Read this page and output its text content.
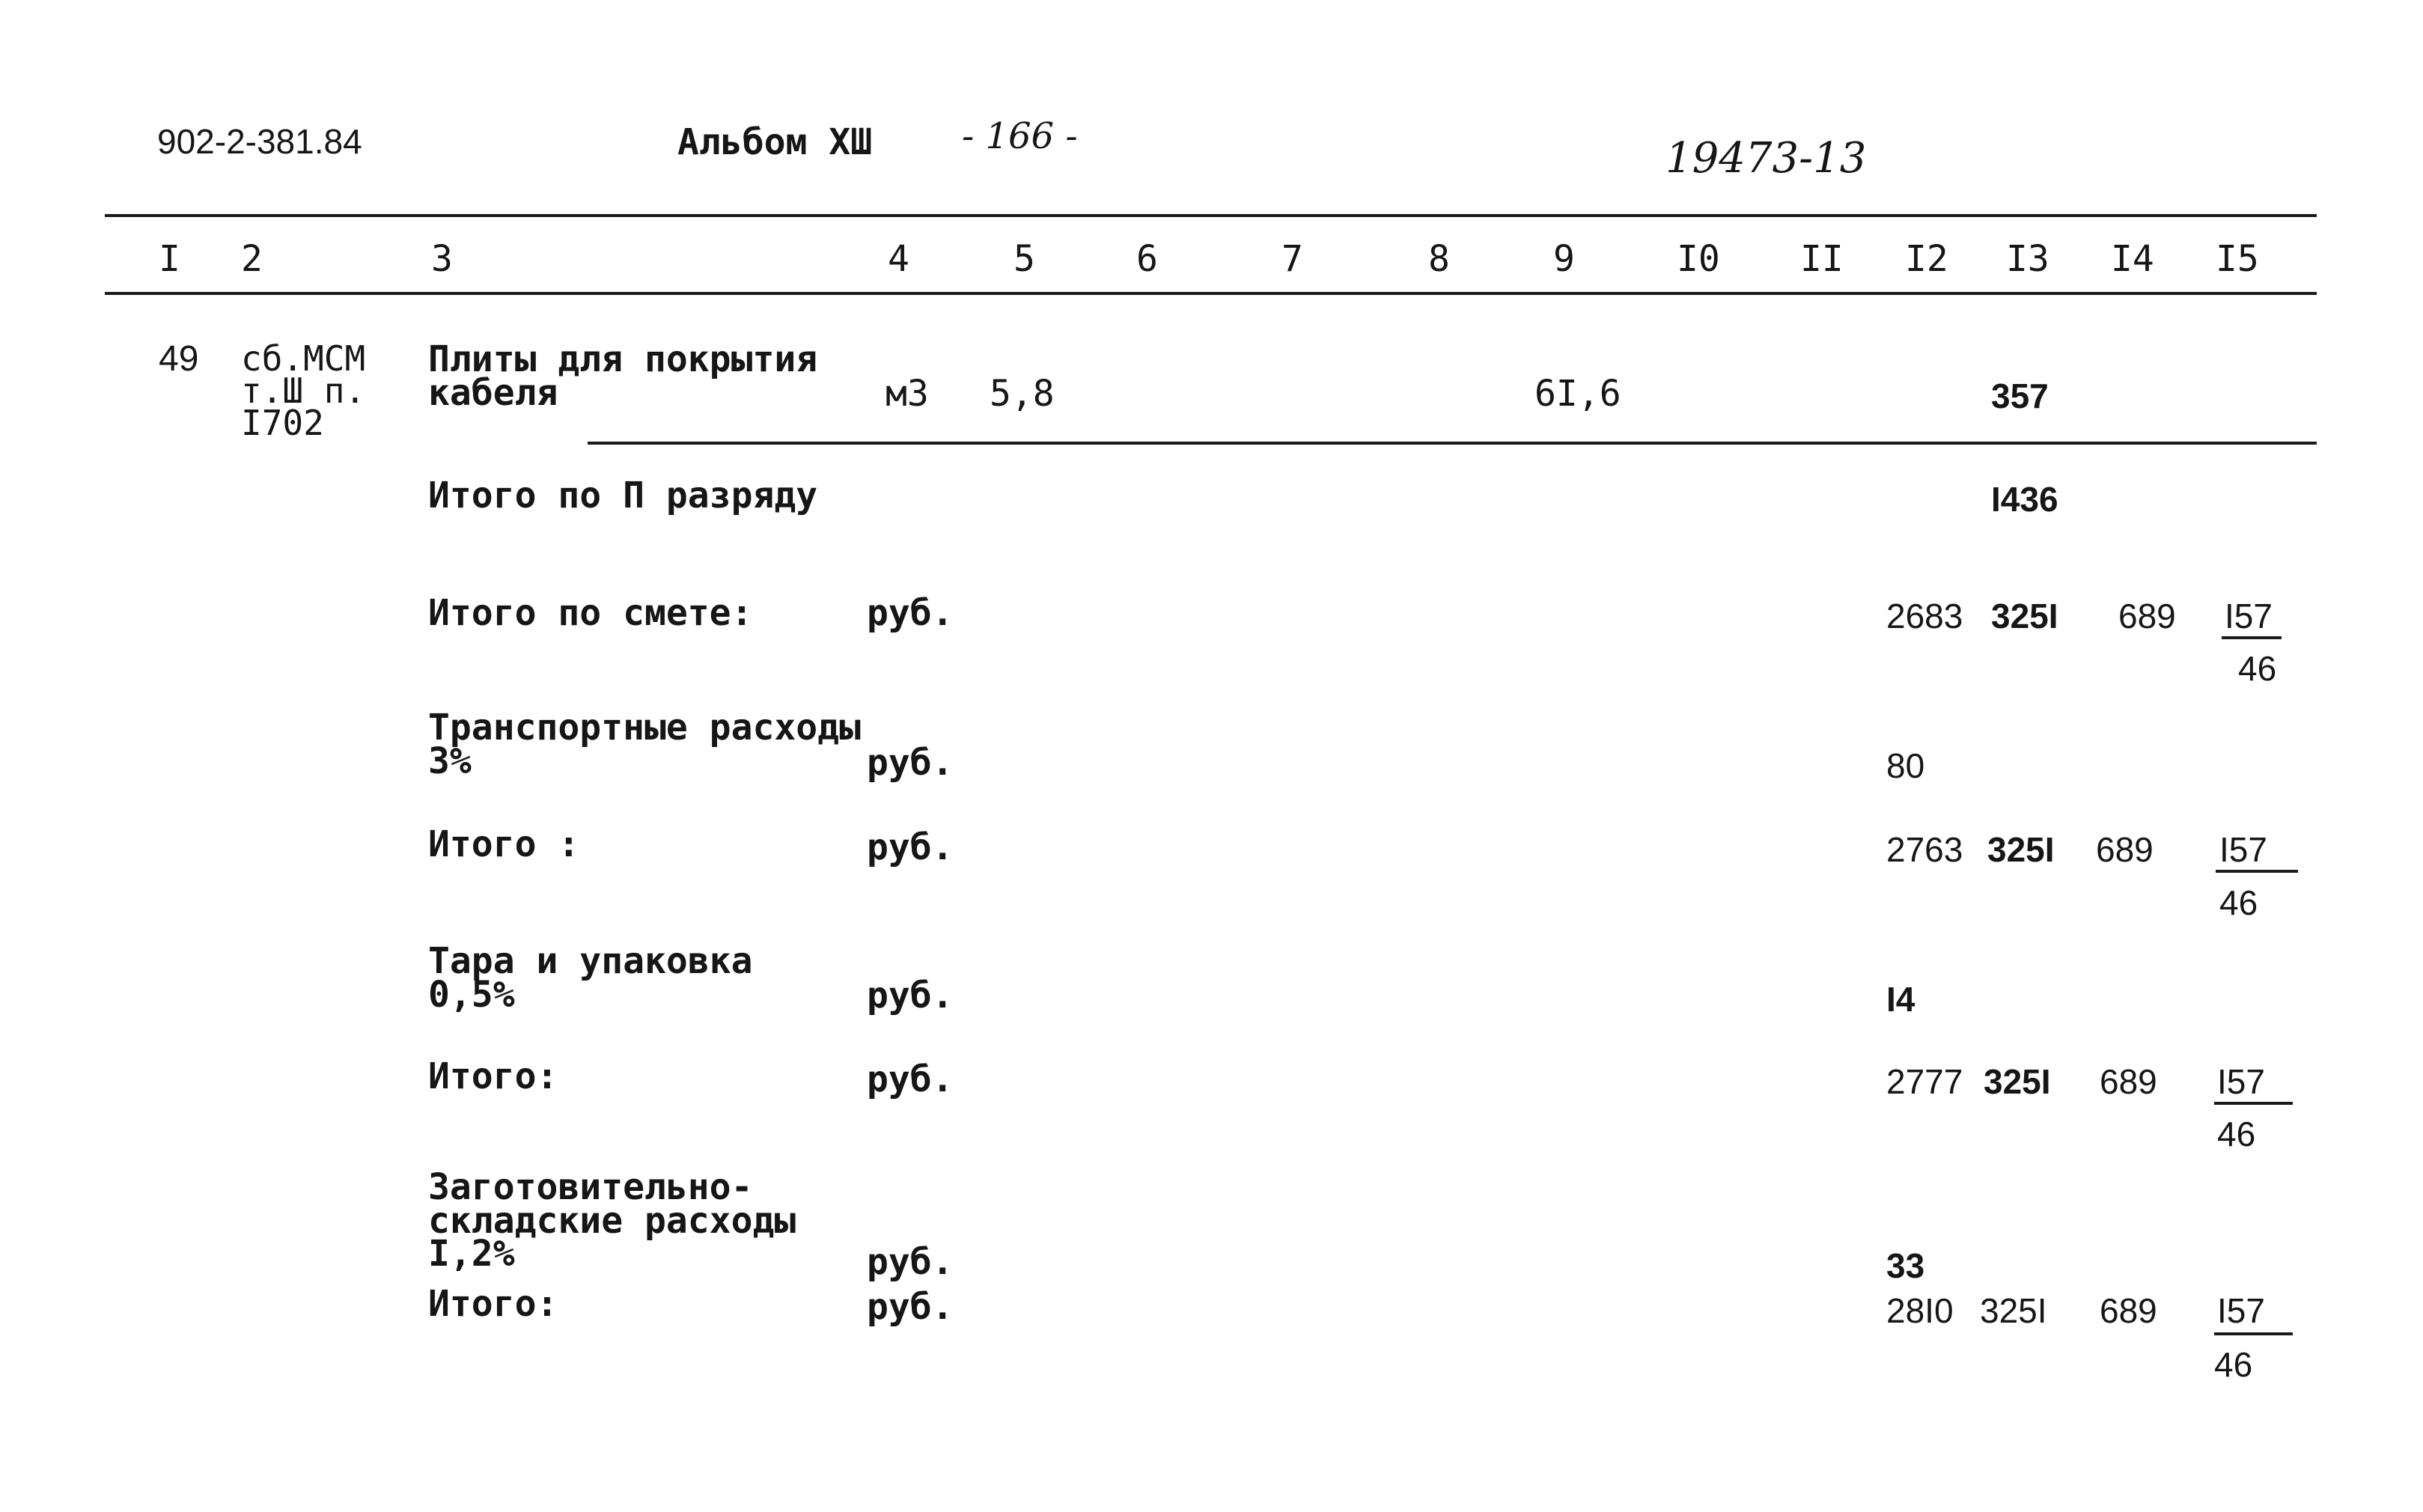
902-2-381.84	Альбом XШ - 166 -	19473-13
I 2	3	4	5	6	7	8	9	I0 II I2 I3 I4 I5
49 сб.МСМ
т.Ш п.
I702
Плиты для покрытия
кабеля	м3 5,8	6I,6	357
Итого по П разряду	I436
Итого по смете:	руб.	2683 325I 689 I57
46
Транспортные расходы
3%	руб.	80
Итого :	руб.	2763 325I 689 I57
46
Тара и упаковка
0,5%	руб.	I4
Итого:	руб.	2777 325I 689 I57
46
Заготовительно-
складские расходы
I,2%	руб.	33
Итого:	руб.	28I0 325I 689 I57
46
